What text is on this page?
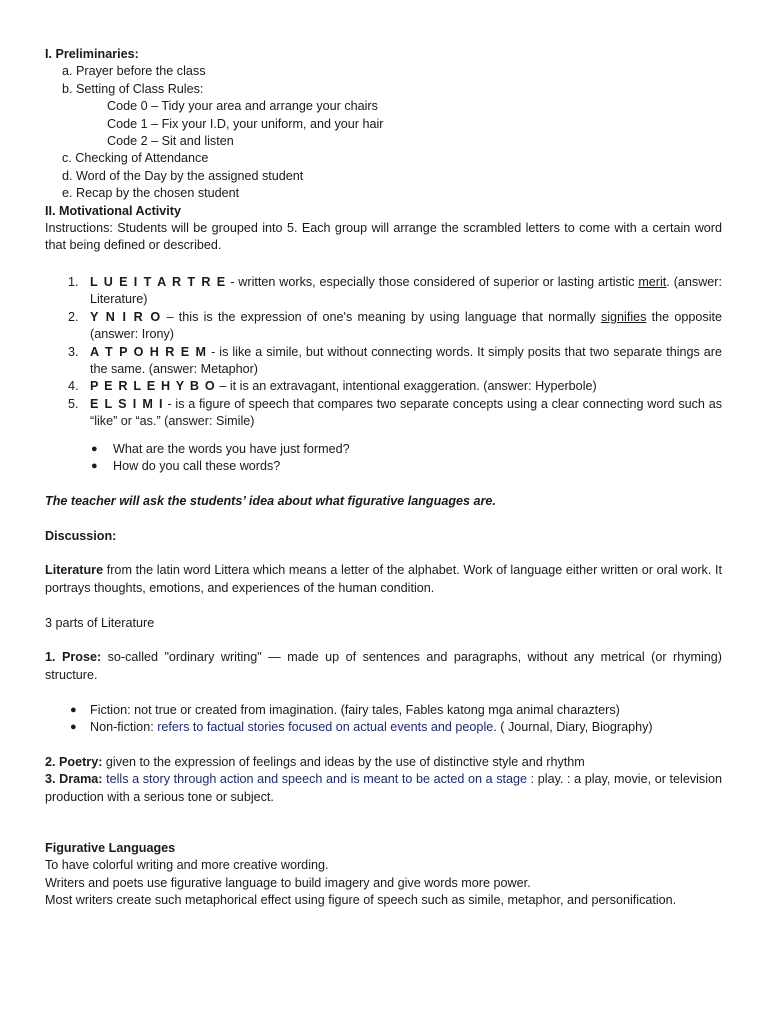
I. Preliminaries:
a. Prayer before the class
b. Setting of Class Rules:
Code 0 – Tidy your area and arrange your chairs
Code 1 – Fix your I.D, your uniform, and your hair
Code 2 – Sit and listen
c. Checking of Attendance
d. Word of the Day by the assigned student
e. Recap by the chosen student
II. Motivational Activity
Instructions: Students will be grouped into 5. Each group will arrange the scrambled letters to come with a certain word that being defined or described.
1. L U E I T A R T R E - written works, especially those considered of superior or lasting artistic merit. (answer: Literature)
2. Y N I R O – this is the expression of one's meaning by using language that normally signifies the opposite (answer: Irony)
3. A T P O H R E M - is like a simile, but without connecting words. It simply posits that two separate things are the same. (answer: Metaphor)
4. P E R L E H Y B O – it is an extravagant, intentional exaggeration. (answer: Hyperbole)
5. E L S I M I - is a figure of speech that compares two separate concepts using a clear connecting word such as “like” or “as.” (answer: Simile)
● What are the words you have just formed?
● How do you call these words?
The teacher will ask the students’ idea about what figurative languages are.
Discussion:
Literature from the latin word Littera which means a letter of the alphabet. Work of language either written or oral work. It portrays thoughts, emotions, and experiences of the human condition.
3 parts of Literature
1. Prose: so-called "ordinary writing" — made up of sentences and paragraphs, without any metrical (or rhyming) structure.
● Fiction: not true or created from imagination. (fairy tales, Fables katong mga animal charazters)
● Non-fiction: refers to factual stories focused on actual events and people. ( Journal, Diary, Biography)
2. Poetry: given to the expression of feelings and ideas by the use of distinctive style and rhythm
3. Drama: tells a story through action and speech and is meant to be acted on a stage : play. : a play, movie, or television production with a serious tone or subject.
Figurative Languages
To have colorful writing and more creative wording.
Writers and poets use figurative language to build imagery and give words more power.
Most writers create such metaphorical effect using figure of speech such as simile, metaphor, and personification.
